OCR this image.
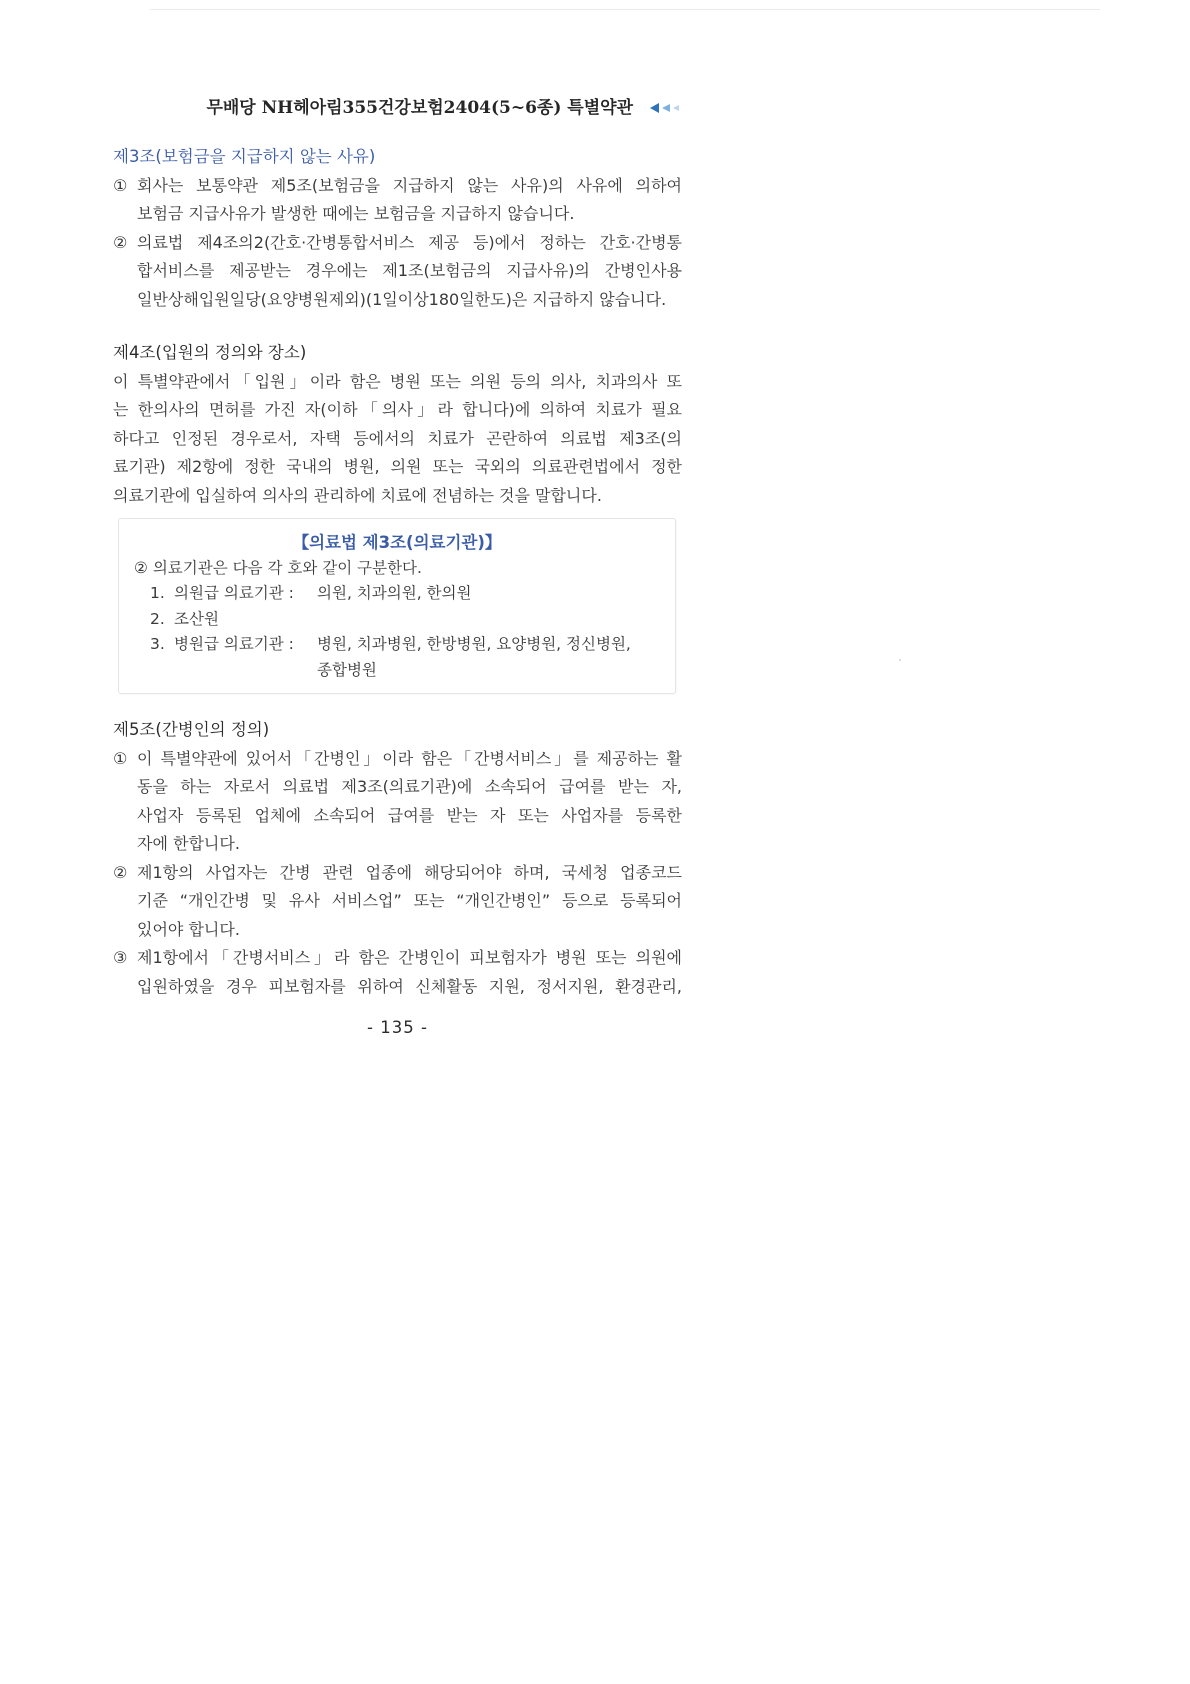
무배당 NH헤아림355건강보험2404(5~6종) 특별약관
제3조(보험금을 지급하지 않는 사유)
① 회사는 보통약관 제5조(보험금을 지급하지 않는 사유)의 사유에 의하여
보험금 지급사유가 발생한 때에는 보험금을 지급하지 않습니다.
② 의료법 제4조의2(간호·간병통합서비스 제공 등)에서 정하는 간호·간병통
합서비스를 제공받는 경우에는 제1조(보험금의 지급사유)의 간병인사용
일반상해입원일당(요양병원제외)(1일이상180일한도)은 지급하지 않습니다.
제4조(입원의 정의와 장소)
이 특별약관에서「입원」이라 함은 병원 또는 의원 등의 의사, 치과의사 또
는 한의사의 면허를 가진 자(이하「의사」라 합니다)에 의하여 치료가 필요
하다고 인정된 경우로서, 자택 등에서의 치료가 곤란하여 의료법 제3조(의
료기관) 제2항에 정한 국내의 병원, 의원 또는 국외의 의료관련법에서 정한
의료기관에 입실하여 의사의 관리하에 치료에 전념하는 것을 말합니다.
【의료법 제3조(의료기관)】
② 의료기관은 다음 각 호와 같이 구분한다.
1. 의원급 의료기관 :	의원, 치과의원, 한의원
2. 조산원
3. 병원급 의료기관 :	병원, 치과병원, 한방병원, 요양병원, 정신병원,
종합병원
제5조(간병인의 정의)
① 이 특별약관에 있어서「간병인」이라 함은「간병서비스」를 제공하는 활
동을 하는 자로서 의료법 제3조(의료기관)에 소속되어 급여를 받는 자,
사업자 등록된 업체에 소속되어 급여를 받는 자 또는 사업자를 등록한
자에 한합니다.
② 제1항의 사업자는 간병 관련 업종에 해당되어야 하며, 국세청 업종코드
기준 “개인간병 및 유사 서비스업” 또는 “개인간병인” 등으로 등록되어
있어야 합니다.
③ 제1항에서「간병서비스」라 함은 간병인이 피보험자가 병원 또는 의원에
입원하였을 경우 피보험자를 위하여 신체활동 지원, 정서지원, 환경관리,
- 135 -
